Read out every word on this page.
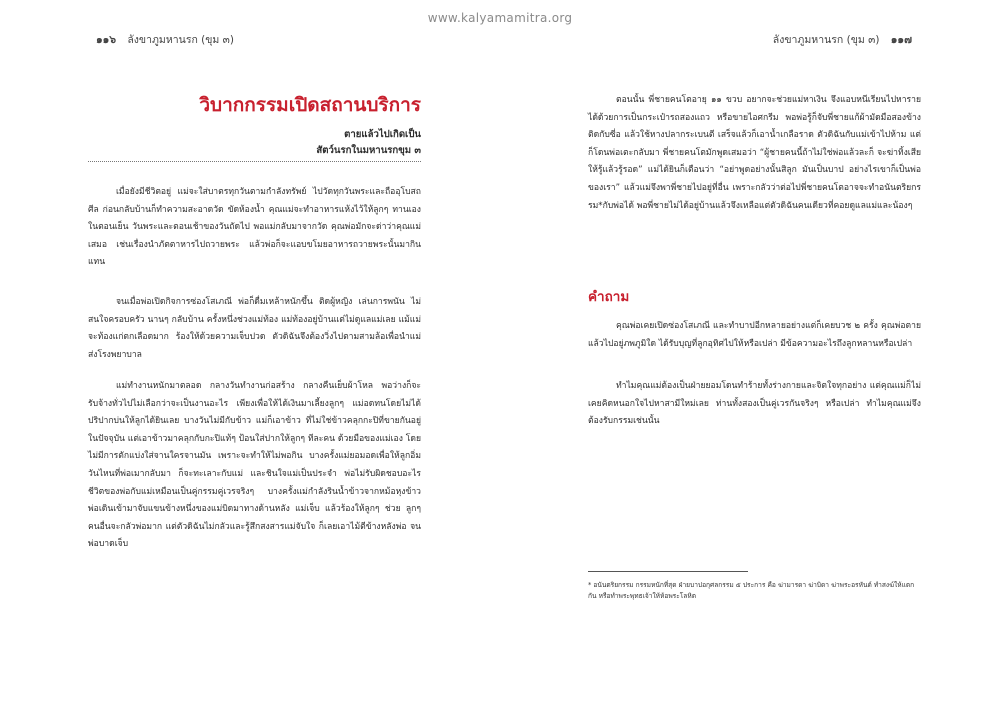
www.kalyamamitra.org
๑๑๖ ลังขาภูมหานรก (ขุม ๓)	ลังขาภูมหานรก (ขุม ๓) ๑๑๗
วิบากกรรมเปิดสถานบริการ
ตายแล้วไปเกิดเป็น
สัตว์นรกในมหานรกขุม ๓

เมื่อยังมีชีวิตอยู่ แม่จะใส่บาตรทุกวันตามกำลังทรัพย์ ไปวัดทุกวันพระและถืออุโบสถศีล ก่อนกลับบ้านก็ทำความสะอาดวัด ขัดห้องน้ำ คุณแม่จะทำอาหารแห้งไว้ให้ลูกๆ ทานเองในตอนเย็น วันพระและตอนเช้าของวันถัดไป พอแม่กลับมาจากวัด คุณพ่อมักจะด่าว่าคุณแม่เสมอ เช่นเรื่องนำภัตตาหารไปถวายพระ แล้วพ่อก็จะแอบขโมยอาหารถวายพระนั้นมากินแทน

จนเมื่อพ่อเปิดกิจการซ่องโสเภณี พ่อก็ดื่มเหล้าหนักขึ้น ติดผู้หญิง เล่นการพนัน ไม่สนใจครอบครัว นานๆ กลับบ้าน ครั้งหนึ่งช่วงแม่ท้อง แม่ท้องอยู่บ้านแต่ไม่ดูแลแม่เลย แม้แม่จะท้องแก่ตกเลือดมาก ร้องให้ด้วยความเจ็บปวด ตัวดิฉันจึงต้องวิ่งไปตามสามล้อเพื่อนำแม่ส่งโรงพยาบาล

แม่ทำงานหนักมาตลอด กลางวันทำงานก่อสร้าง กลางคืนเย็บผ้าโหล พอว่างก็จะรับจ้างทั่วไปไม่เลือกว่าจะเป็นงานอะไร เพียงเพื่อให้ได้เงินมาเลี้ยงลูกๆ แม่อดทนโดยไม่ได้ปริปากบ่นให้ลูกได้ยินเลย บางวันไม่มีกับข้าว แม่ก็เอาข้าว ที่ไม่ใช่ข้าวคลุกกะปิที่ขายกันอยู่ในปัจจุบัน แต่เอาข้าวมาคลุกกับกะปิแท้ๆ ป้อนใส่ปากให้ลูกๆ ทีละคน ด้วยมือของแม่เอง โดยไม่มีการตักแบ่งใส่จานใครจานมัน เพราะจะทำให้ไม่พอกิน บางครั้งแม่ยอมอดเพื่อให้ลูกอิ่ม วันไหนที่พ่อเมากลับมา ก็จะทะเลาะกับแม่ และชินใจแม่เป็นประจำ พ่อไม่รับผิดชอบอะไร ชีวิตของพ่อกับแม่เหมือนเป็นคู่กรรมคู่เวรจริงๆ บางครั้งแม่กำลังรินน้ำข้าวจากหม้อหุงข้าว พ่อเดินเข้ามาจับแขนข้างหนึ่งของแม่บิดมาทางด้านหลัง แม่เจ็บ แล้วร้องให้ลูกๆ ช่วย ลูกๆ คนอื่นจะกลัวพ่อมาก แต่ตัวดิฉันไม่กลัวและรู้สึกสงสารแม่จับใจ ก็เลยเอาไม้ตีข้างหลังพ่อ จนพ่อบาดเจ็บ

ตอนนั้น พี่ชายคนโตอายุ ๑๑ ขวบ อยากจะช่วยแม่หาเงิน จึงแอบหนีเรียนไปหารายได้ด้วยการเป็นกระเป๋ารถสองแถว หรือขายไอศกรีม พอพ่อรู้ก็จับพี่ชายแก้ผ้ามัดมือสองข้างติดกับซี่อ แล้วใช้หางปลากระเบนตี เสร็จแล้วก็เอาน้ำเกลือราด ตัวดิฉันกับแม่เข้าไปห้าม แต่ก็โดนพ่อเตะกลับมา พี่ชายคนโตมักพูดเสมอว่า “ผู้ชายคนนี้ถ้าไม่ใช่พ่อแล้วละก็ จะฆ่าทิ้งเสียให้รู้แล้วรู้รอด” แม่ได้ยินก็เตือนว่า “อย่าพูดอย่างนั้นสิลูก มันเป็นบาป อย่างไรเขาก็เป็นพ่อของเรา” แล้วแม่จึงพาพี่ชายไปอยู่ที่อื่น เพราะกลัวว่าต่อไปพี่ชายคนโตอาจจะทำอนันตริยกรรม*กับพ่อได้ พอพี่ชายไม่ได้อยู่บ้านแล้วจึงเหลือแต่ตัวดิฉันคนเดียวที่คอยดูแลแม่และน้องๆ

คำถาม

คุณพ่อเคยเปิดซ่องโสเภณี และทำบาปอีกหลายอย่างแต่ก็เคยบวช ๒ ครั้ง คุณพ่อตายแล้วไปอยู่ภพภูมิใด ได้รับบุญที่ลูกอุทิศไปให้หรือเปล่า มีข้อความอะไรถึงลูกหลานหรือเปล่า

ทำไมคุณแม่ต้องเป็นฝ่ายยอมโดนทำร้ายทั้งร่างกายและจิตใจทุกอย่าง แต่คุณแม่ก็ไม่เคยคิดหนอกใจไปหาสามีใหม่เลย ท่านทั้งสองเป็นคู่เวรกันจริงๆ หรือเปล่า ทำไมคุณแม่จึงต้องรับกรรมเช่นนั้น

* อนันตริยกรรม กรรมหนักที่สุด ฝ่ายบาปอกุศลกรรม ๕ ประการ คือ ฆ่ามารดา ฆ่าบิดา ฆ่าพระอรหันต์ ทำสงฆ์ให้แตกกัน หรือทำพระพุทธเจ้าให้ห้อพระโลหิต
